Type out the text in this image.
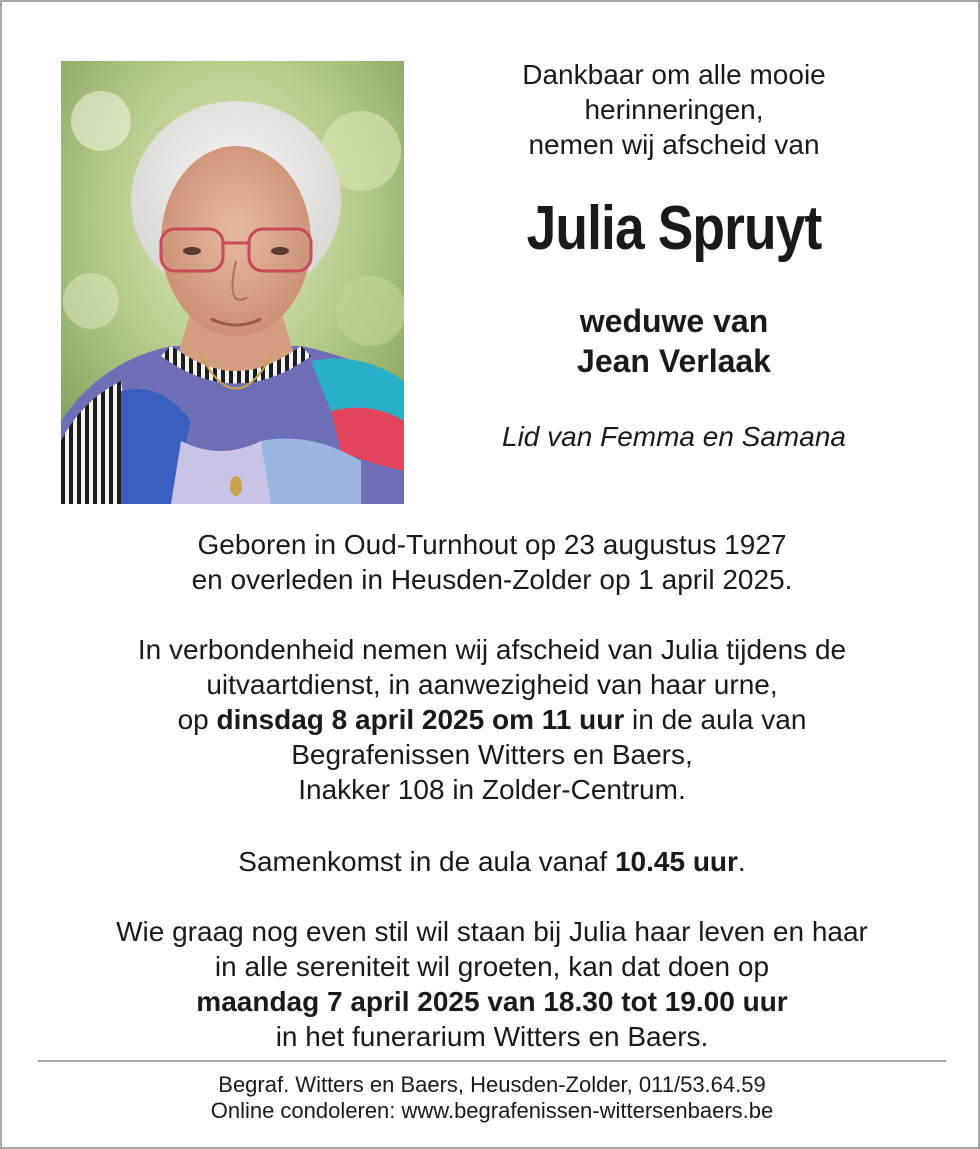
Dankbaar om alle mooie
herinneringen,
nemen wij afscheid van
Julia Spruyt
weduwe van
Jean Verlaak
Lid van Femma en Samana
Geboren in Oud-Turnhout op 23 augustus 1927
en overleden in Heusden-Zolder op 1 april 2025.
In verbondenheid nemen wij afscheid van Julia tijdens de
uitvaartdienst, in aanwezigheid van haar urne,
op dinsdag 8 april 2025 om 11 uur in de aula van
Begrafenissen Witters en Baers,
Inakker 108 in Zolder-Centrum.
Samenkomst in de aula vanaf 10.45 uur.
Wie graag nog even stil wil staan bij Julia haar leven en haar
in alle sereniteit wil groeten, kan dat doen op
maandag 7 april 2025 van 18.30 tot 19.00 uur
in het funerarium Witters en Baers.
Begraf. Witters en Baers, Heusden-Zolder, 011/53.64.59
Online condoleren: www.begrafenissen-wittersenbaers.be
